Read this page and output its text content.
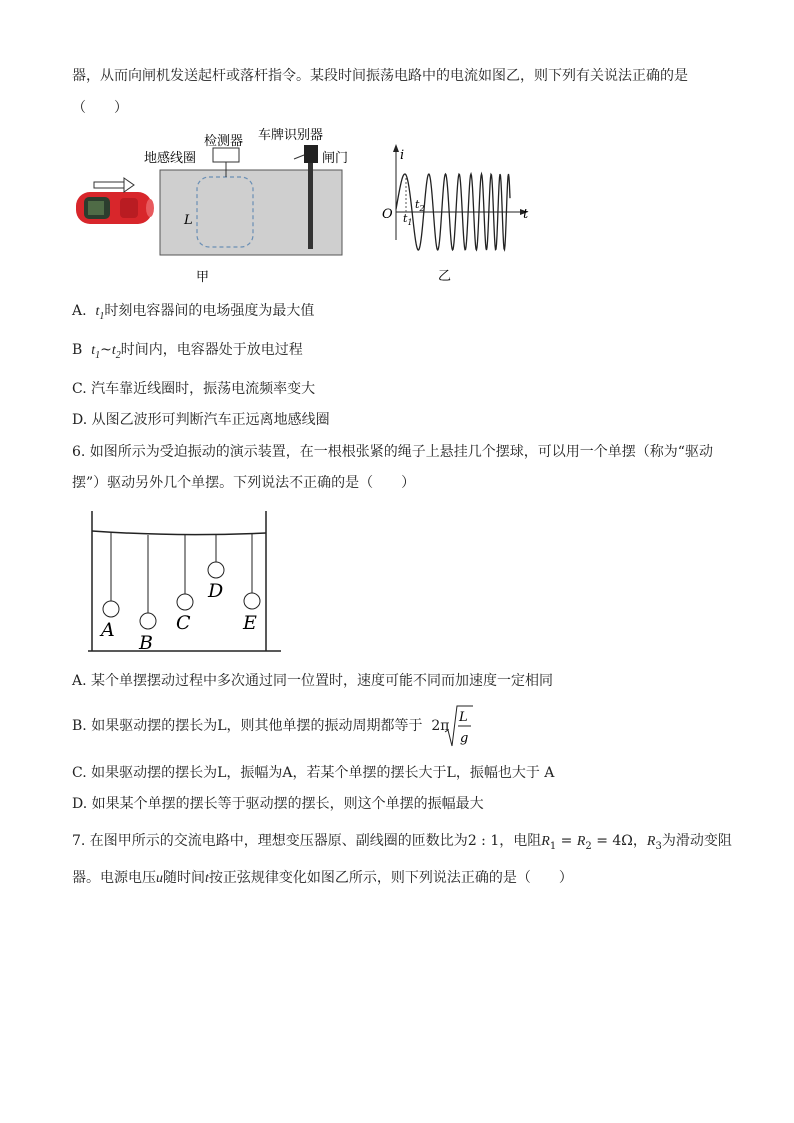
器，从而向闸机发送起杆或落杆指令。某段时间振荡电路中的电流如图乙，则下列有关说法正确的是
（　　）
检测器 车牌识别器
地感线圈	闸门
L
甲
i
t
O
$t_2$
$t_1$
乙
A. $t_1$时刻电容器间的电场强度为最大值
B $t_1\sim t_2$时间内，电容器处于放电过程
C. 汽车靠近线圈时，振荡电流频率变大
D. 从图乙波形可判断汽车正远离地感线圈
6. 如图所示为受迫振动的演示装置，在一根根张紧的绳子上悬挂几个摆球，可以用一个单摆（称为“驱动
摆”）驱动另外几个单摆。下列说法不正确的是（　　）
A
B
C
D
E
A. 某个单摆摆动过程中多次通过同一位置时，速度可能不同而加速度一定相同
B. 如果驱动摆的摆长为L，则其他单摆的振动周期都等于 2π
L
g
C. 如果驱动摆的摆长为L，振幅为A，若某个单摆的摆长大于L，振幅也大于 A
D. 如果某个单摆的摆长等于驱动摆的摆长，则这个单摆的振幅最大
7. 在图甲所示的交流电路中，理想变压器原、副线圈的匝数比为2 : 1，电阻$R_1 = R_2 = 4\Omega$，$R_3$为滑动变阻
器。电源电压u随时间t按正弦规律变化如图乙所示，则下列说法正确的是（　　）
